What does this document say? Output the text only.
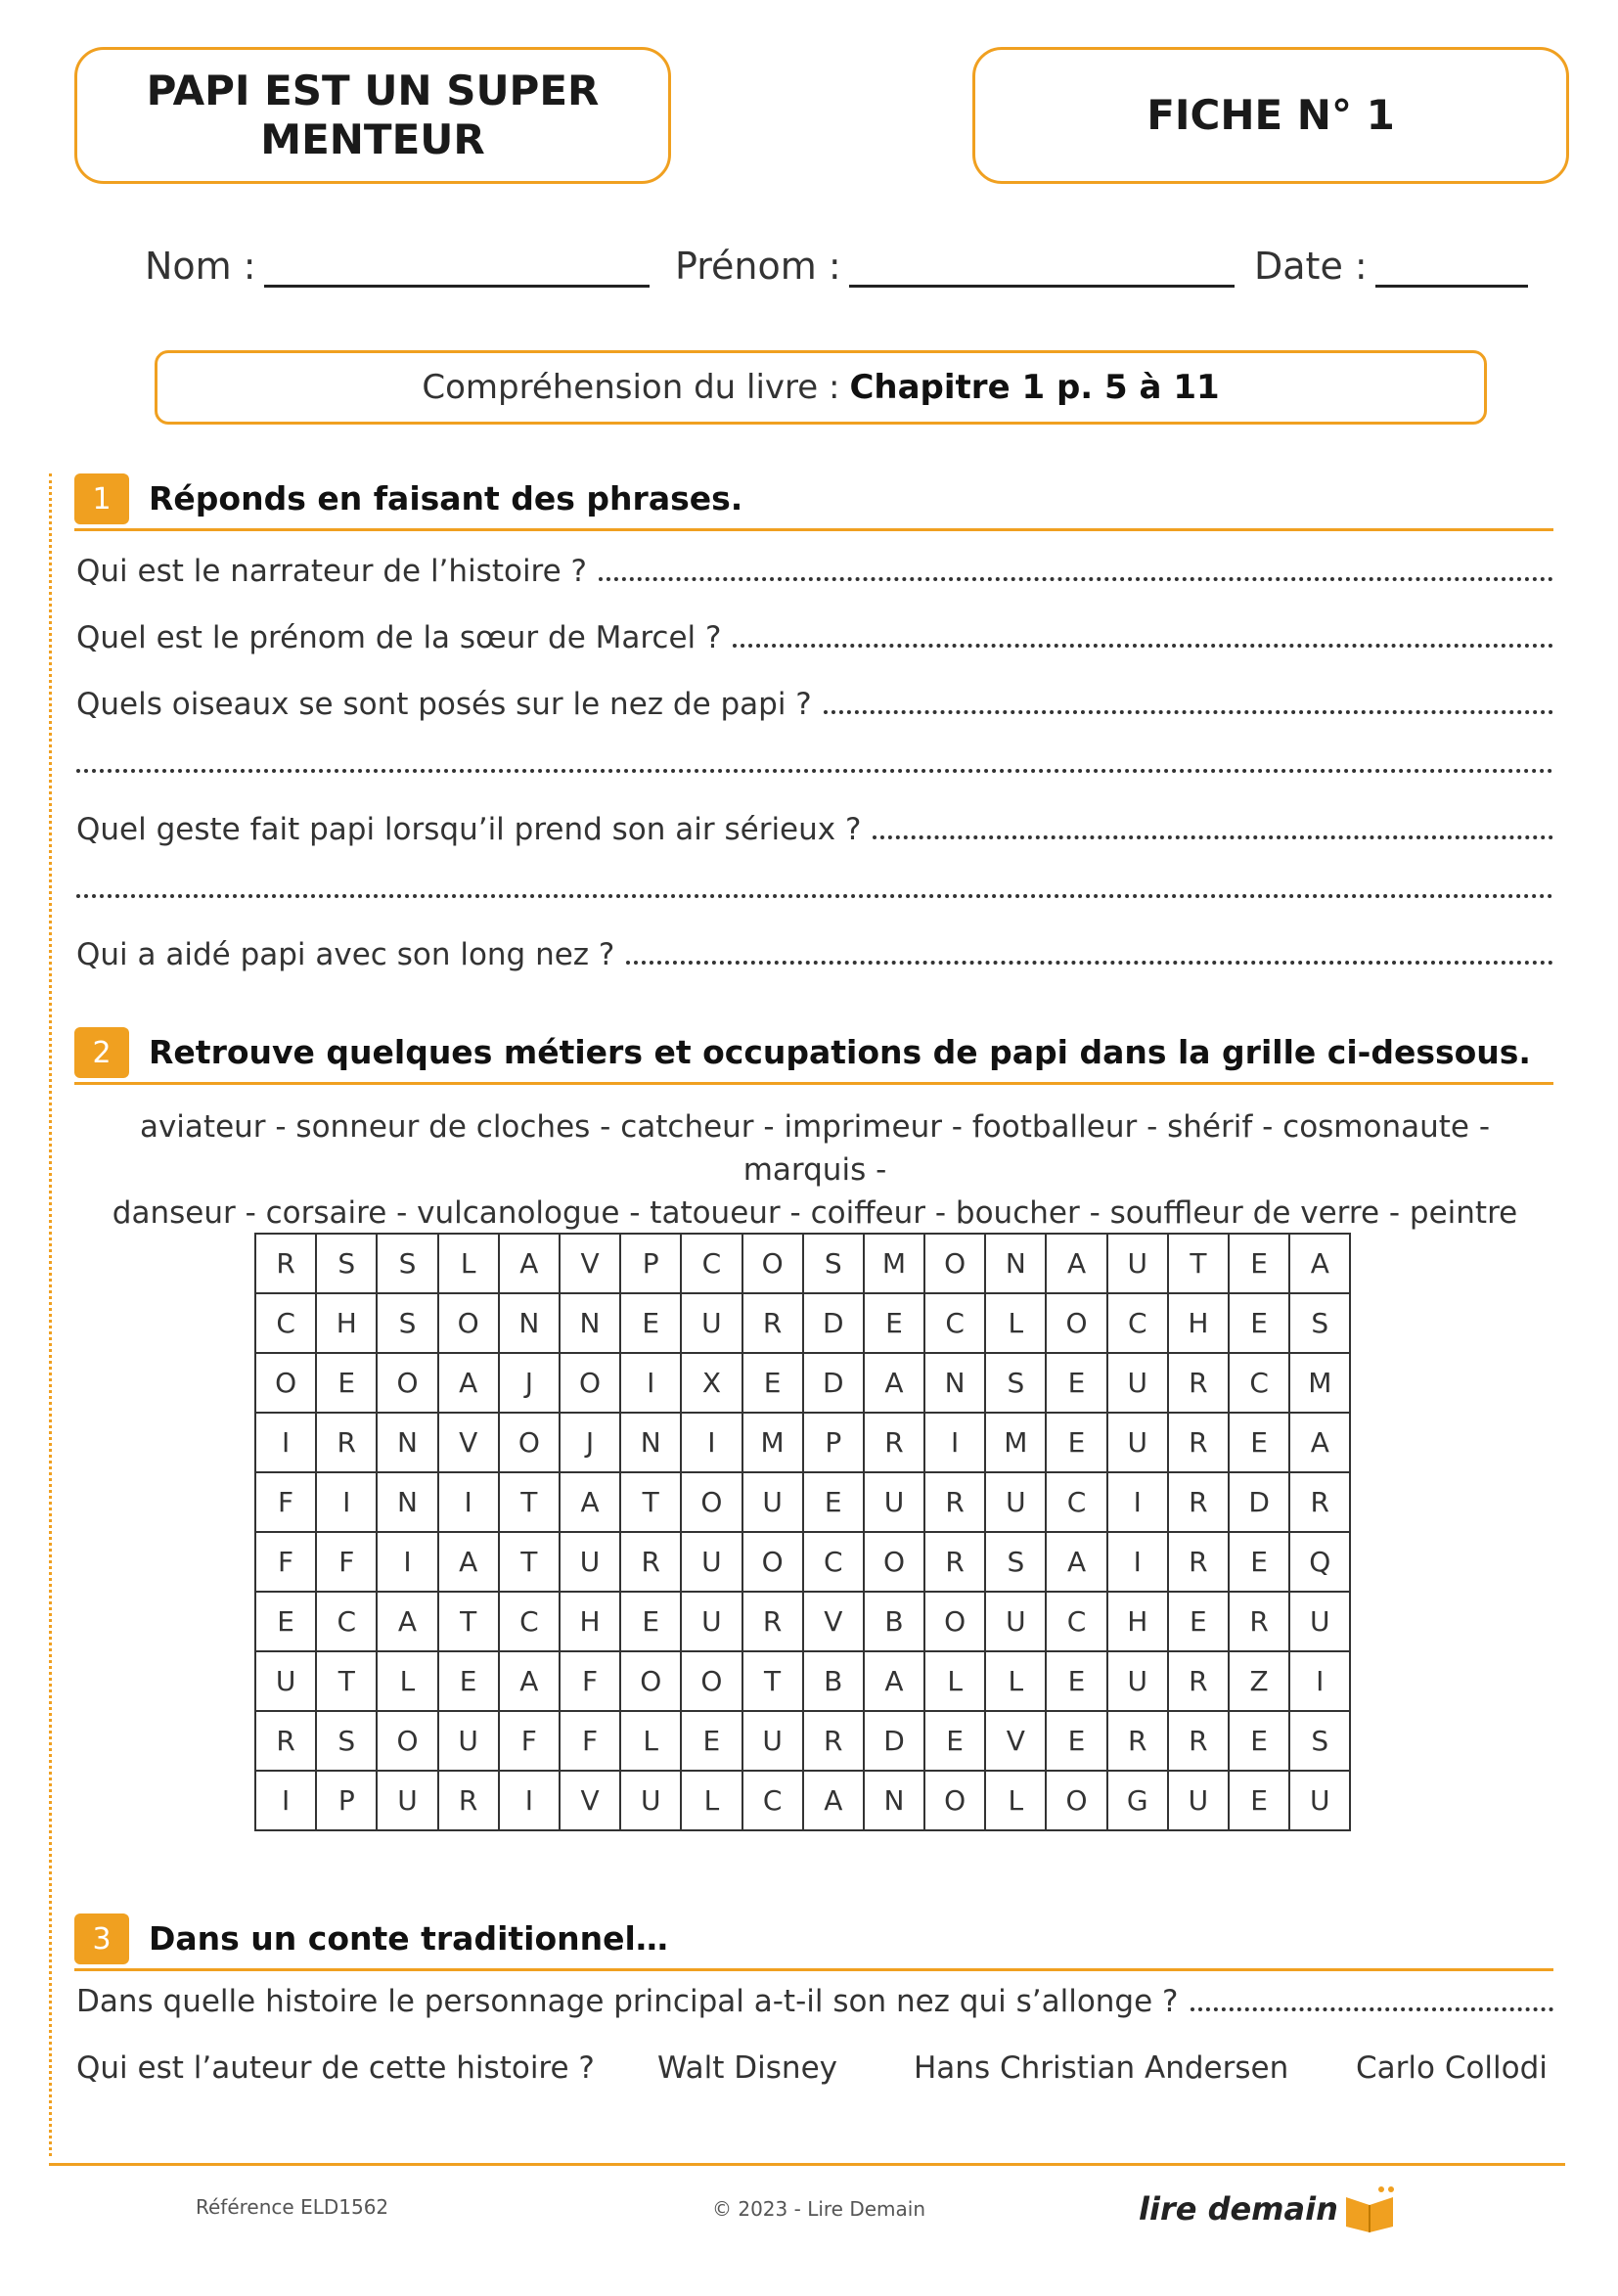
PAPI EST UN SUPER
MENTEUR
FICHE N° 1
Nom :	Prénom :	Date :
Compréhension du livre : Chapitre 1 p. 5 à 11
1	Réponds en faisant des phrases.
Qui est le narrateur de l’histoire ?
Quel est le prénom de la sœur de Marcel ?
Quels oiseaux se sont posés sur le nez de papi ?
Quel geste fait papi lorsqu’il prend son air sérieux ?
Qui a aidé papi avec son long nez ?
2	Retrouve quelques métiers et occupations de papi dans la grille ci-dessous.
aviateur - sonneur de cloches - catcheur - imprimeur - footballeur - shérif - cosmonaute - marquis -
danseur - corsaire - vulcanologue - tatoueur - coiffeur - boucher - souffleur de verre - peintre
R	S	S	L	A	V	P	C	O	S	M	O	N	A	U	T	E	A
C	H	S	O	N	N	E	U	R	D	E	C	L	O	C	H	E	S
O	E	O	A	J	O	I	X	E	D	A	N	S	E	U	R	C	M
I	R	N	V	O	J	N	I	M	P	R	I	M	E	U	R	E	A
F	I	N	I	T	A	T	O	U	E	U	R	U	C	I	R	D	R
F	F	I	A	T	U	R	U	O	C	O	R	S	A	I	R	E	Q
E	C	A	T	C	H	E	U	R	V	B	O	U	C	H	E	R	U
U	T	L	E	A	F	O	O	T	B	A	L	L	E	U	R	Z	I
R	S	O	U	F	F	L	E	U	R	D	E	V	E	R	R	E	S
I	P	U	R	I	V	U	L	C	A	N	O	L	O	G	U	E	U
3	Dans un conte traditionnel…
Dans quelle histoire le personnage principal a-t-il son nez qui s’allonge ?
Qui est l’auteur de cette histoire ? Walt Disney	Hans Christian Andersen Carlo Collodi
Référence ELD1562	© 2023 - Lire Demain	lire demain
